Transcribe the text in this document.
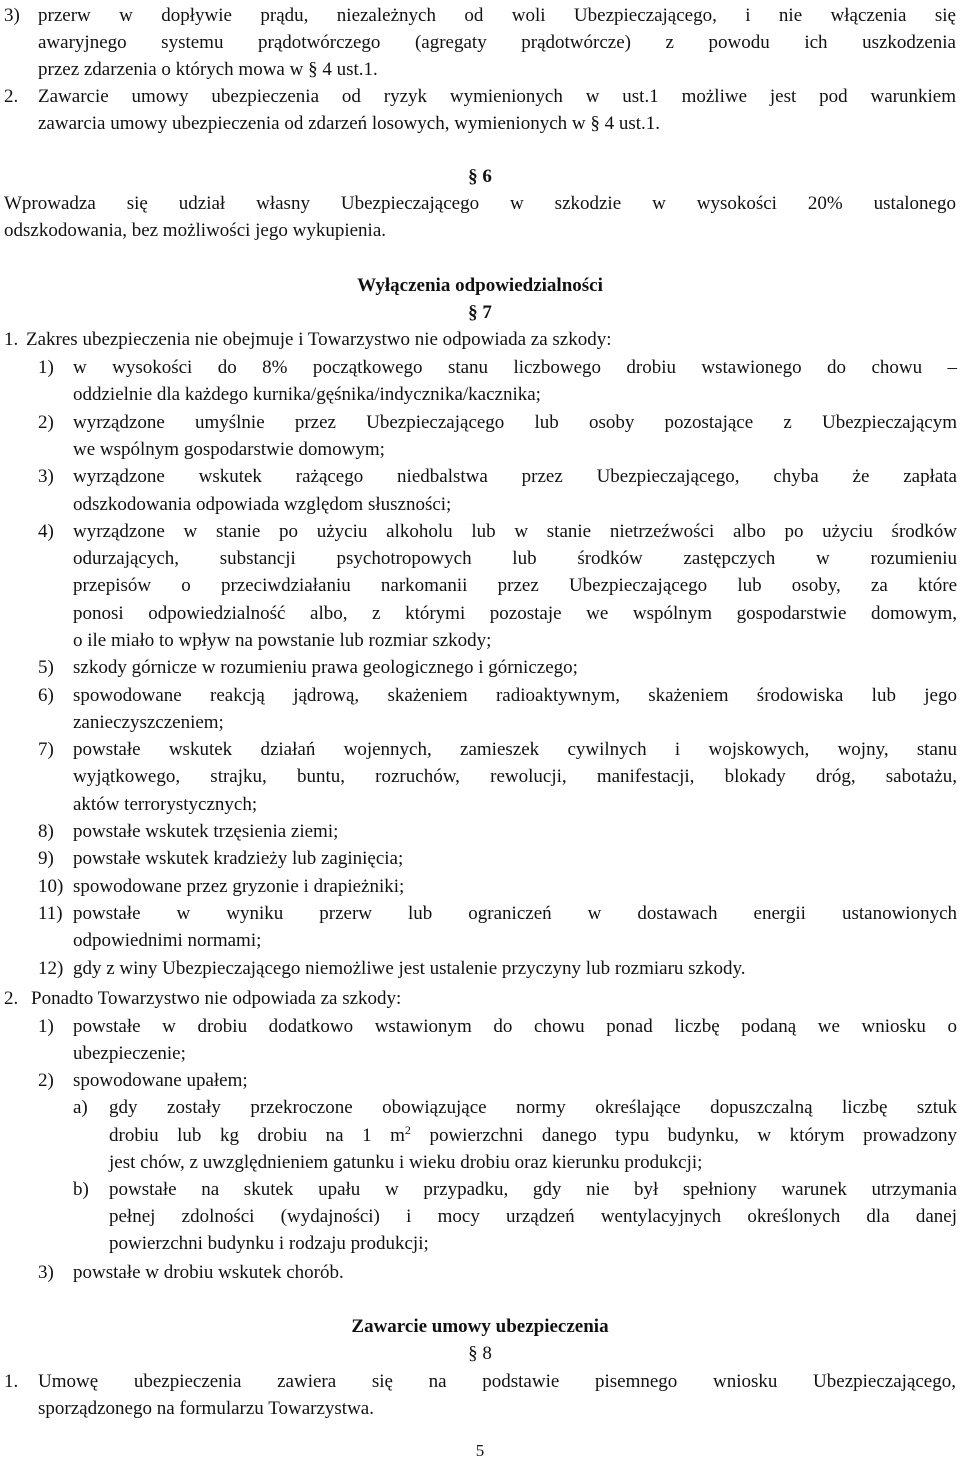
3) przerw w dopływie prądu, niezależnych od woli Ubezpieczającego, i nie włączenia się
awaryjnego systemu prądotwórczego (agregaty prądotwórcze) z powodu ich uszkodzenia
przez zdarzenia o których mowa w § 4 ust.1.
2. Zawarcie umowy ubezpieczenia od ryzyk wymienionych w ust.1 możliwe jest pod warunkiem
zawarcia umowy ubezpieczenia od zdarzeń losowych, wymienionych w § 4 ust.1.
§ 6
Wprowadza się udział własny Ubezpieczającego w szkodzie w wysokości 20% ustalonego
odszkodowania, bez możliwości jego wykupienia.
Wyłączenia odpowiedzialności
§ 7
1. Zakres ubezpieczenia nie obejmuje i Towarzystwo nie odpowiada za szkody:
1) w wysokości do 8% początkowego stanu liczbowego drobiu wstawionego do chowu –
oddzielnie dla każdego kurnika/gęśnika/indycznika/kacznika;
2) wyrządzone umyślnie przez Ubezpieczającego lub osoby pozostające z Ubezpieczającym
we wspólnym gospodarstwie domowym;
3) wyrządzone wskutek rażącego niedbalstwa przez Ubezpieczającego, chyba że zapłata
odszkodowania odpowiada względom słuszności;
4) wyrządzone w stanie po użyciu alkoholu lub w stanie nietrzeźwości albo po użyciu środków
odurzających, substancji psychotropowych lub środków zastępczych w rozumieniu
przepisów o przeciwdziałaniu narkomanii przez Ubezpieczającego lub osoby, za które
ponosi odpowiedzialność albo, z którymi pozostaje we wspólnym gospodarstwie domowym,
o ile miało to wpływ na powstanie lub rozmiar szkody;
5) szkody górnicze w rozumieniu prawa geologicznego i górniczego;
6) spowodowane reakcją jądrową, skażeniem radioaktywnym, skażeniem środowiska lub jego
zanieczyszczeniem;
7) powstałe wskutek działań wojennych, zamieszek cywilnych i wojskowych, wojny, stanu
wyjątkowego, strajku, buntu, rozruchów, rewolucji, manifestacji, blokady dróg, sabotażu,
aktów terrorystycznych;
8) powstałe wskutek trzęsienia ziemi;
9) powstałe wskutek kradzieży lub zaginięcia;
10) spowodowane przez gryzonie i drapieżniki;
11) powstałe w wyniku przerw lub ograniczeń w dostawach energii ustanowionych
odpowiednimi normami;
12) gdy z winy Ubezpieczającego niemożliwe jest ustalenie przyczyny lub rozmiaru szkody.
2. Ponadto Towarzystwo nie odpowiada za szkody:
1) powstałe w drobiu dodatkowo wstawionym do chowu ponad liczbę podaną we wniosku o
ubezpieczenie;
2) spowodowane upałem;
a) gdy zostały przekroczone obowiązujące normy określające dopuszczalną liczbę sztuk
drobiu lub kg drobiu na 1 $m^2$ powierzchni danego typu budynku, w którym prowadzony
jest chów, z uwzględnieniem gatunku i wieku drobiu oraz kierunku produkcji;
b) powstałe na skutek upału w przypadku, gdy nie był spełniony warunek utrzymania
pełnej zdolności (wydajności) i mocy urządzeń wentylacyjnych określonych dla danej
powierzchni budynku i rodzaju produkcji;
3) powstałe w drobiu wskutek chorób.
Zawarcie umowy ubezpieczenia
§ 8
1. Umowę ubezpieczenia zawiera się na podstawie pisemnego wniosku Ubezpieczającego,
sporządzonego na formularzu Towarzystwa.
5
